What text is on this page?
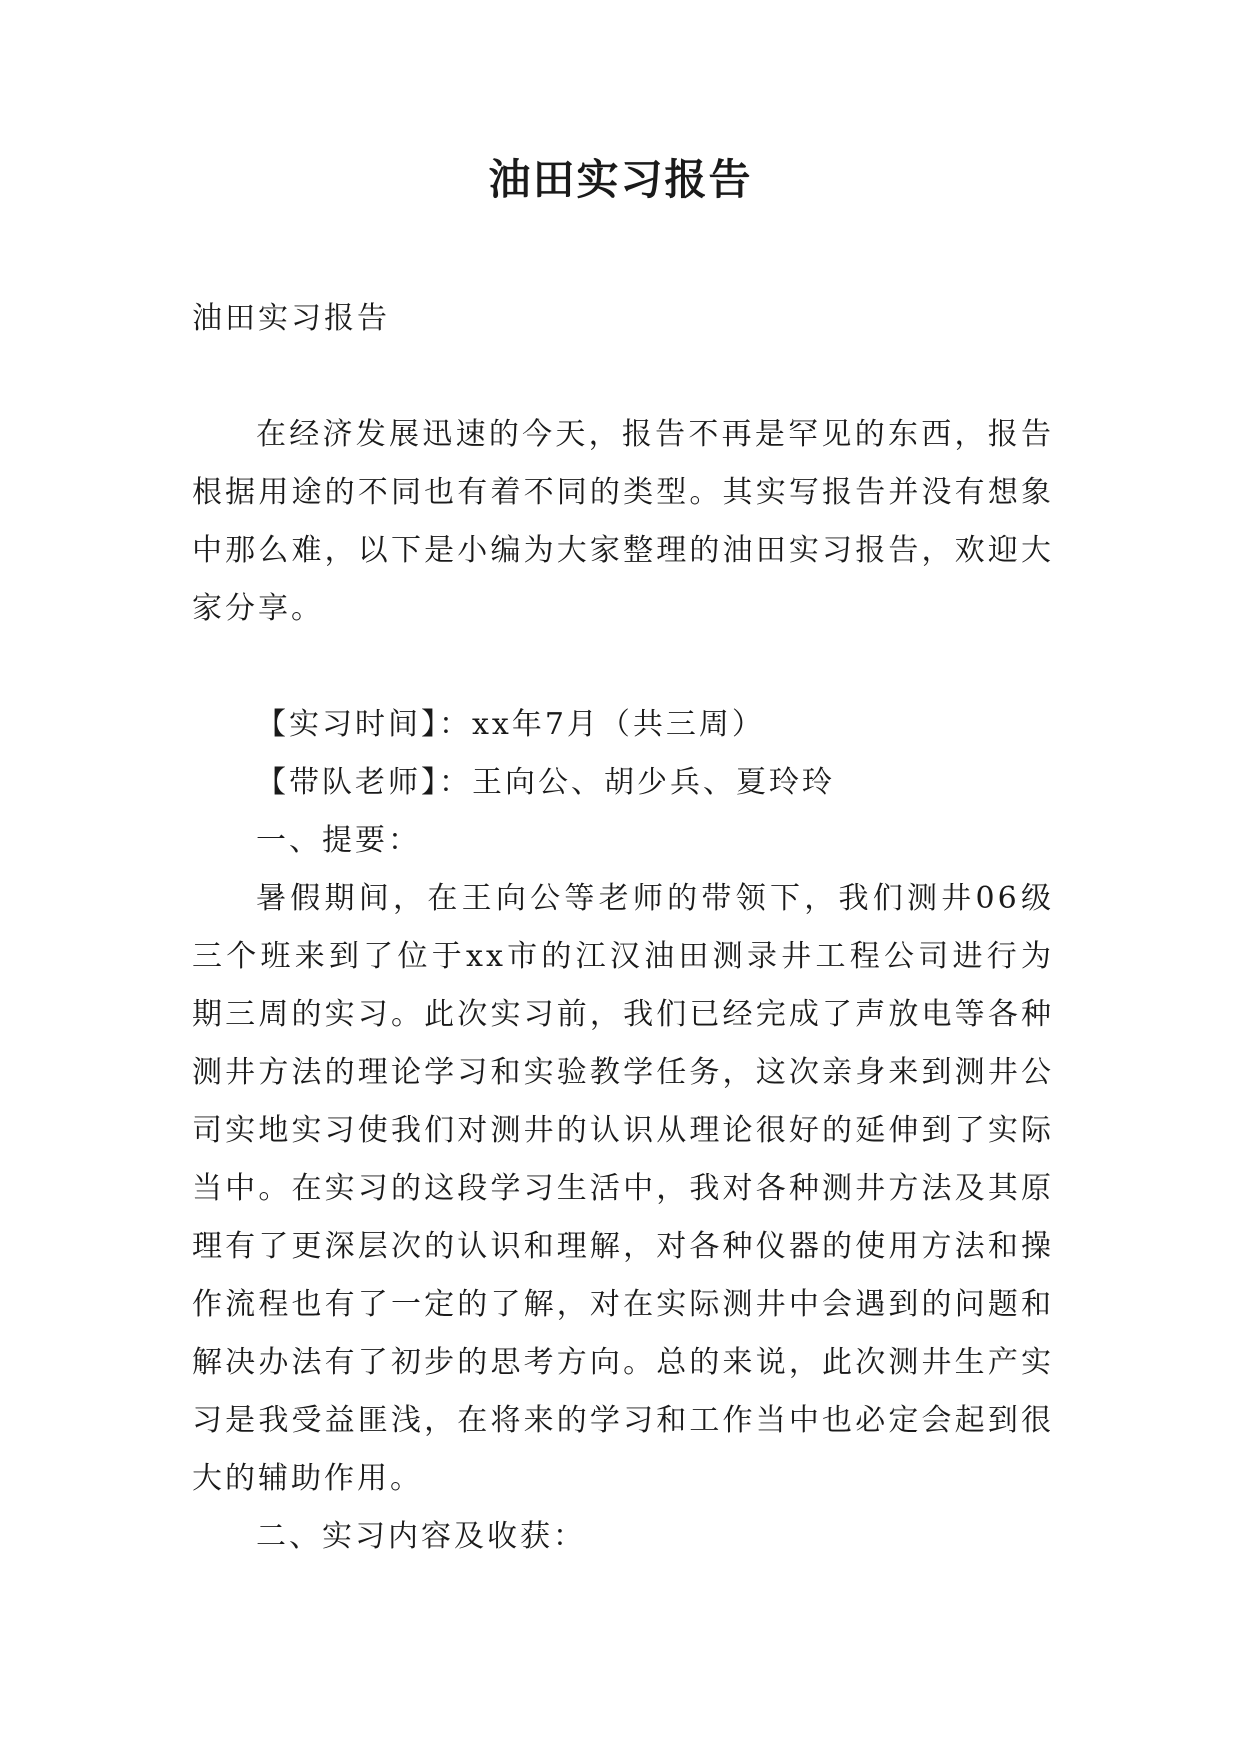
油田实习报告

油田实习报告

在经济发展迅速的今天，报告不再是罕见的东西，报告根据用途的不同也有着不同的类型。其实写报告并没有想象中那么难，以下是小编为大家整理的油田实习报告，欢迎大家分享。

【实习时间】：xx年7月（共三周）

【带队老师】：王向公、胡少兵、夏玲玲

一、提要：

暑假期间，在王向公等老师的带领下，我们测井06级三个班来到了位于xx市的江汉油田测录井工程公司进行为期三周的实习。此次实习前，我们已经完成了声放电等各种测井方法的理论学习和实验教学任务，这次亲身来到测井公司实地实习使我们对测井的认识从理论很好的延伸到了实际当中。在实习的这段学习生活中，我对各种测井方法及其原理有了更深层次的认识和理解，对各种仪器的使用方法和操作流程也有了一定的了解，对在实际测井中会遇到的问题和解决办法有了初步的思考方向。总的来说，此次测井生产实习是我受益匪浅，在将来的学习和工作当中也必定会起到很大的辅助作用。

二、实习内容及收获：
